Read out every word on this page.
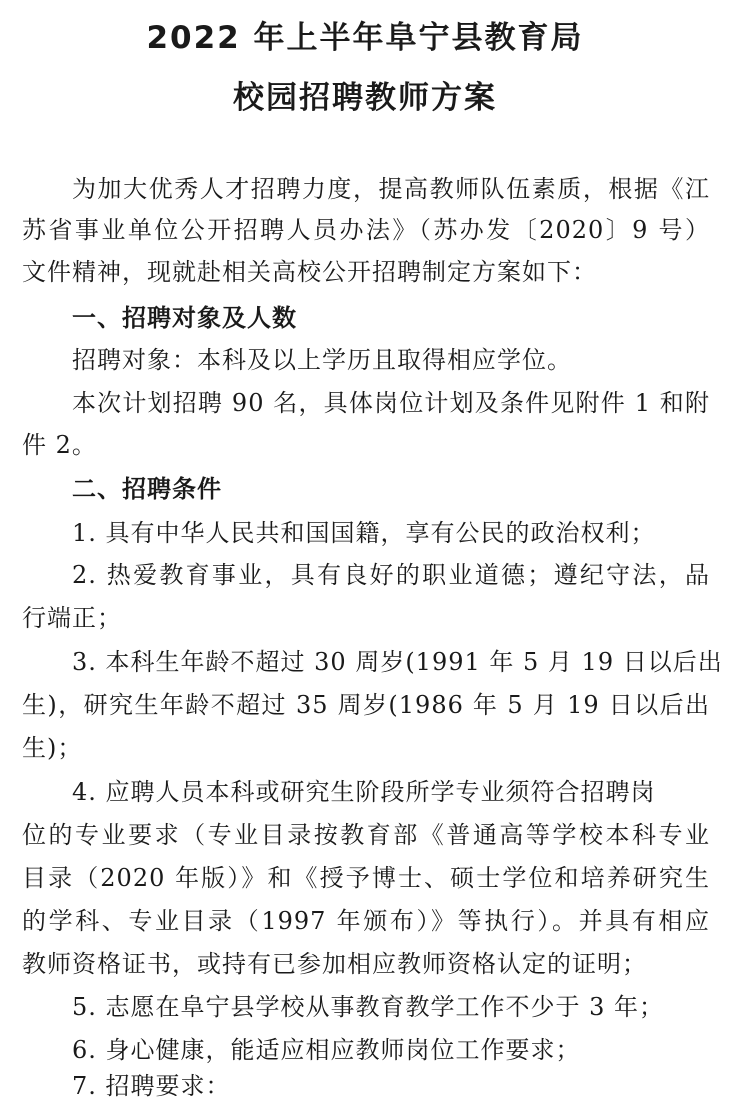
2022 年上半年阜宁县教育局
校园招聘教师方案
为加大优秀人才招聘力度，提高教师队伍素质，根据《江
苏省事业单位公开招聘人员办法》（苏办发〔2020〕9 号）
文件精神，现就赴相关高校公开招聘制定方案如下：
一、招聘对象及人数
招聘对象：本科及以上学历且取得相应学位。
本次计划招聘 90 名，具体岗位计划及条件见附件 1 和附
件 2。
二、招聘条件
1. 具有中华人民共和国国籍，享有公民的政治权利；
2. 热爱教育事业，具有良好的职业道德；遵纪守法，品
行端正；
3. 本科生年龄不超过 30 周岁(1991 年 5 月 19 日以后出
生)，研究生年龄不超过 35 周岁(1986 年 5 月 19 日以后出
生)；
4. 应聘人员本科或研究生阶段所学专业须符合招聘岗
位的专业要求（专业目录按教育部《普通高等学校本科专业
目录（2020 年版）》和《授予博士、硕士学位和培养研究生
的学科、专业目录（1997 年颁布）》等执行）。并具有相应
教师资格证书，或持有已参加相应教师资格认定的证明；
5. 志愿在阜宁县学校从事教育教学工作不少于 3 年；
6. 身心健康，能适应相应教师岗位工作要求；
7. 招聘要求：
